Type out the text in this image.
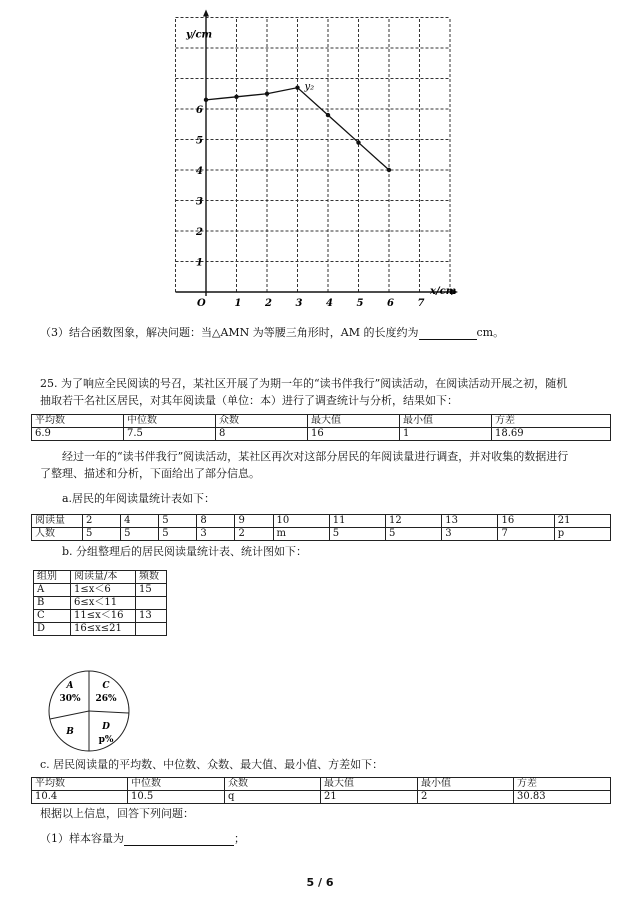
O	1 2 3 4 5 6 7
1
2
3
4
5
6
x/cm
y/cm
y₂
（3）结合函数图象，解决问题：当△AMN 为等腰三角形时，AM 的长度约为	cm。
25. 为了响应全民阅读的号召，某社区开展了为期一年的“读书伴我行”阅读活动，在阅读活动开展之初，随机
抽取若干名社区居民，对其年阅读量（单位：本）进行了调查统计与分析，结果如下：
平均数	中位数	众数	最大值	最小值	方差
6.9	7.5	8	16	1	18.69
经过一年的“读书伴我行”阅读活动，某社区再次对这部分居民的年阅读量进行调查，并对收集的数据进行
了整理、描述和分析，下面给出了部分信息。
a.居民的年阅读量统计表如下：
阅读量	2	4	5	8	9	10	11	12	13	16	21
人数	5	5	5	3	2	m	5	5	3	7	p
b. 分组整理后的居民阅读量统计表、统计图如下：
组别	阅读量/本	频数
A	1≤x＜6	15
B	6≤x＜11	
C	11≤x＜16	13
D	16≤x≤21	
A
30%
C
26%
B	D
p%
c. 居民阅读量的平均数、中位数、众数、最大值、最小值、方差如下：
平均数	中位数	众数	最大值	最小值	方差
10.4	10.5	q	21	2	30.83
根据以上信息，回答下列问题：
（1）样本容量为	；
5 / 6
